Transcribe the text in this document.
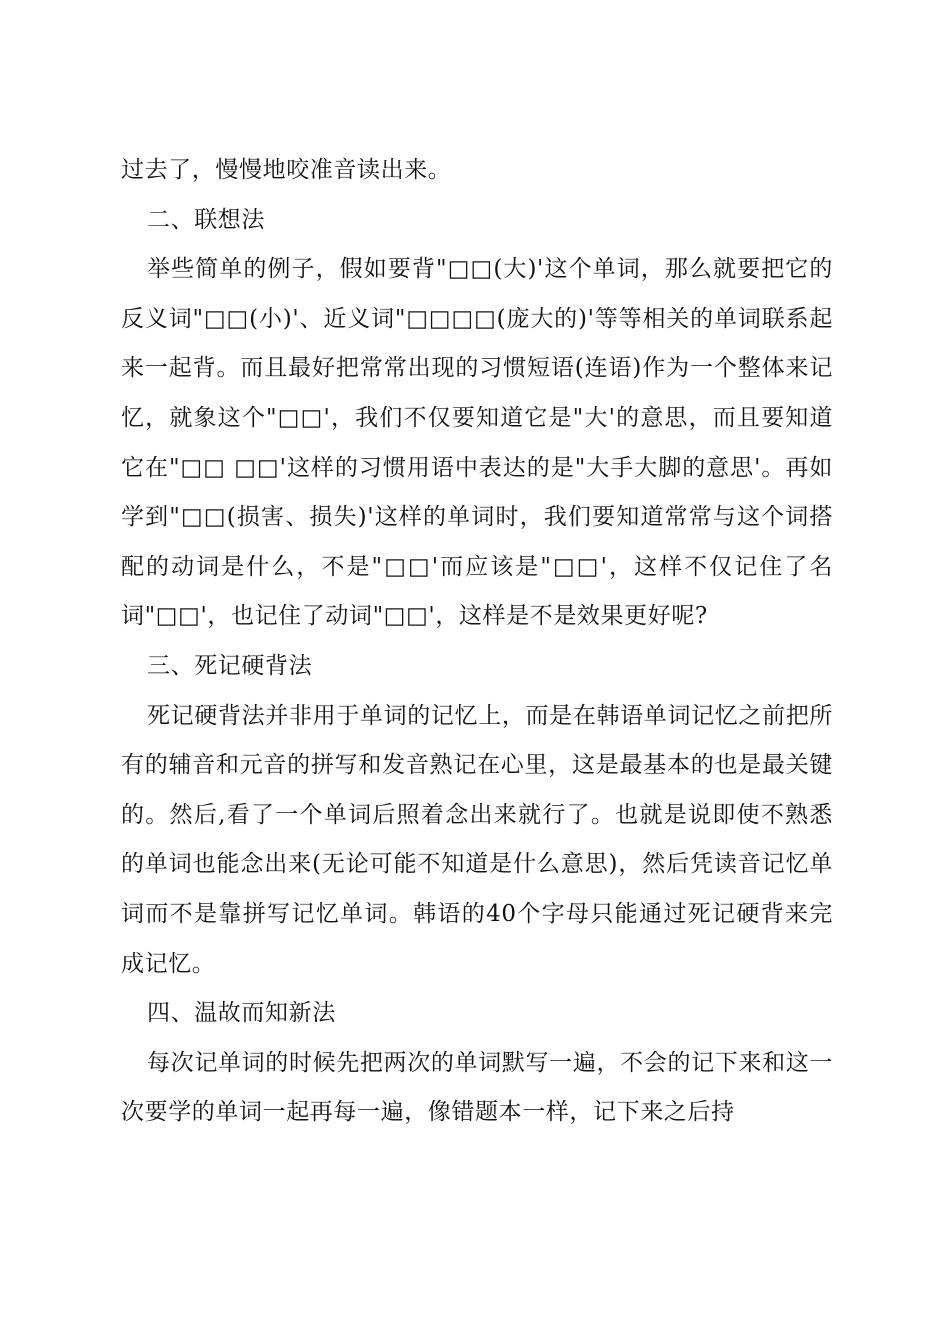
过去了，慢慢地咬准音读出来。

二、联想法

举些简单的例子，假如要背"□□(大)'这个单词，那么就要把它的反义词"□□(小)'、近义词"□□□□(庞大的)'等等相关的单词联系起来一起背。而且最好把常常出现的习惯短语(连语)作为一个整体来记忆，就象这个"□□'，我们不仅要知道它是"大'的意思，而且要知道它在"□□ □□'这样的习惯用语中表达的是"大手大脚的意思'。再如学到"□□(损害、损失)'这样的单词时，我们要知道常常与这个词搭配的动词是什么，不是"□□'而应该是"□□'，这样不仅记住了名词"□□'，也记住了动词"□□'，这样是不是效果更好呢?

三、死记硬背法

死记硬背法并非用于单词的记忆上，而是在韩语单词记忆之前把所有的辅音和元音的拼写和发音熟记在心里，这是最基本的也是最关键的。然后,看了一个单词后照着念出来就行了。也就是说即使不熟悉的单词也能念出来(无论可能不知道是什么意思)，然后凭读音记忆单词而不是靠拼写记忆单词。韩语的40个字母只能通过死记硬背来完成记忆。

四、温故而知新法

每次记单词的时候先把两次的单词默写一遍，不会的记下来和这一次要学的单词一起再每一遍，像错题本一样，记下来之后持
